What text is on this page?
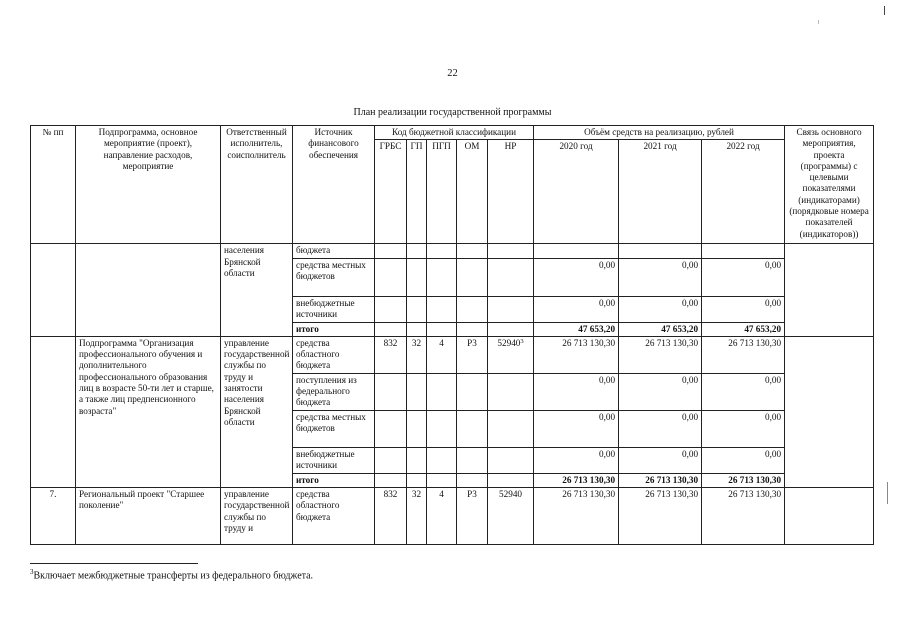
22
План реализации государственной программы
№ пп	Подпрограмма, основное мероприятие (проект), направление расходов, мероприятие	Ответственный исполнитель, соисполнитель	Источник финансового обеспечения	Код бюджетной классификации					Объём средств на реализацию, рублей			Связь основного мероприятия, проекта (программы) с целевыми показателями (индикаторами) (порядковые номера показателей (индикаторов))
				ГРБС	ГП	ПГП	ОМ	НР	2020 год	2021 год	2022 год	
		населения Брянской области	бюджета									
			средства местных бюджетов						0,00	0,00	0,00	
			внебюджетные источники						0,00	0,00	0,00	
			итого						47 653,20	47 653,20	47 653,20	
	Подпрограмма "Организация профессионального обучения и дополнительного профессионального образования лиц в возрасте 50-ти лет и старше, а также лиц предпенсионного возраста"	управление государственной службы по труду и занятости населения Брянской области	средства областного бюджета	832	32	4	Р3	52940$^3$	26 713 130,30	26 713 130,30	26 713 130,30	
			поступления из федерального бюджета						0,00	0,00	0,00	
			средства местных бюджетов						0,00	0,00	0,00	
			внебюджетные источники						0,00	0,00	0,00	
			итого						26 713 130,30	26 713 130,30	26 713 130,30	
7.	Региональный проект "Старшее поколение"	управление государственной службы по труду и	средства областного бюджета	832	32	4	Р3	52940	26 713 130,30	26 713 130,30	26 713 130,30	
$^3$Включает межбюджетные трансферты из федерального бюджета.
